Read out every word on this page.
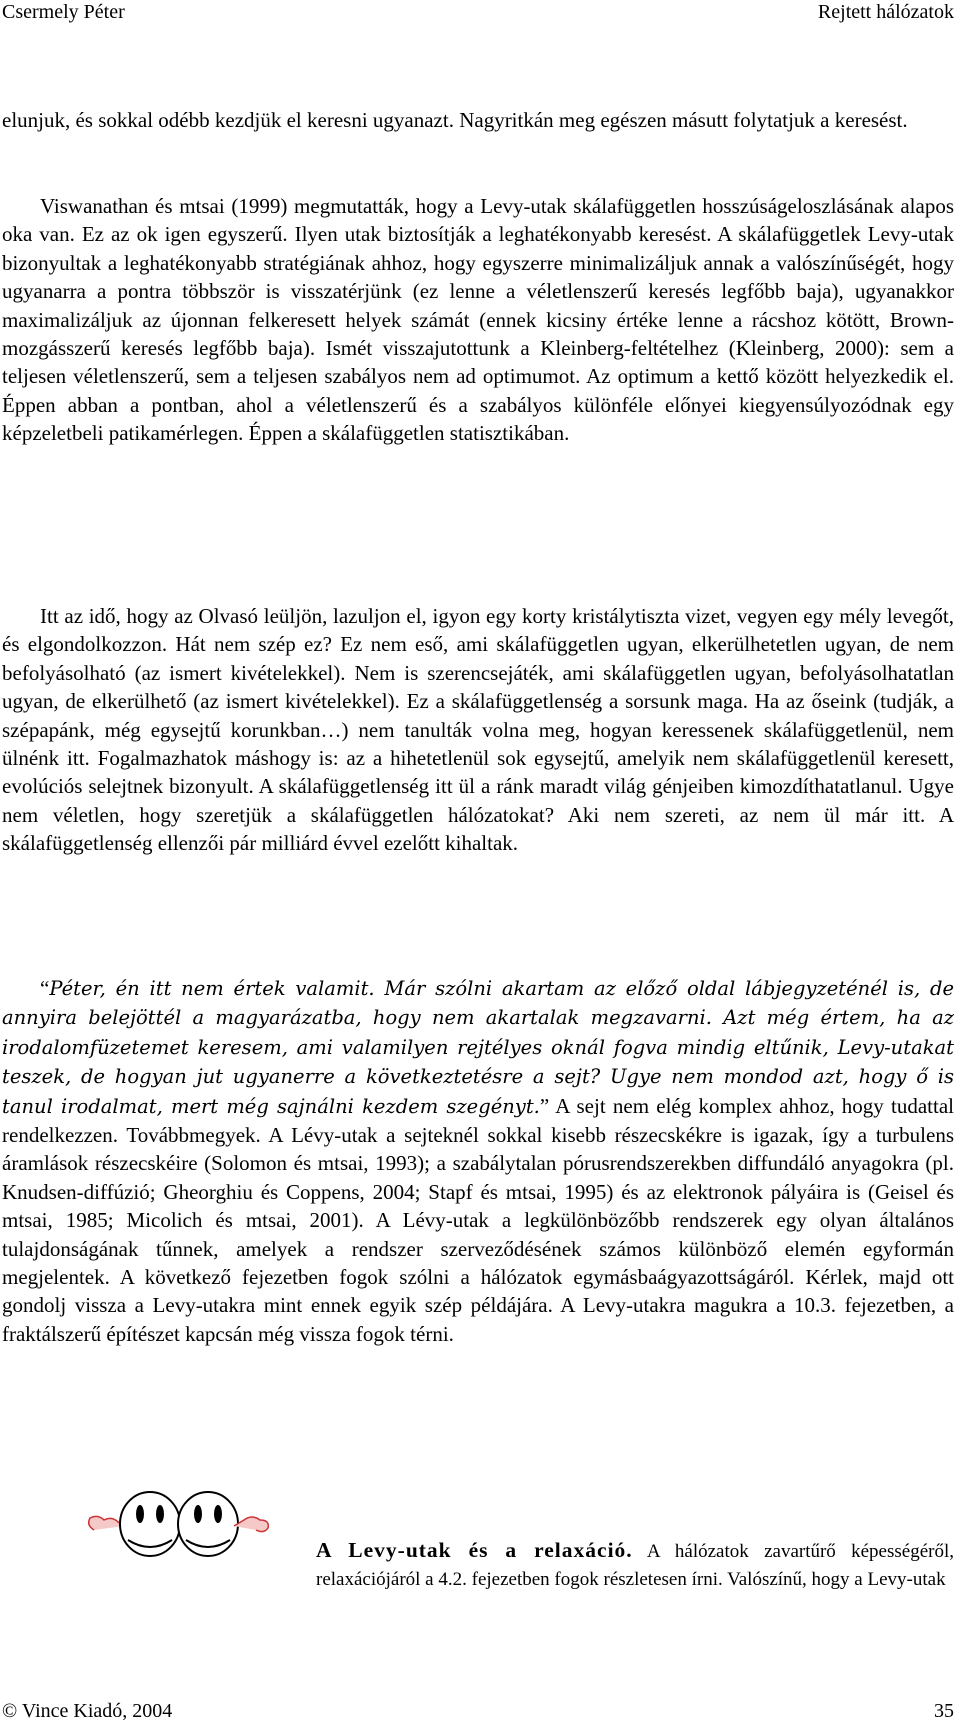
Csermely Péter	Rejtett hálózatok

elunjuk, és sokkal odébb kezdjük el keresni ugyanazt. Nagyritkán meg egészen másutt folytatjuk a keresést.

Viswanathan és mtsai (1999) megmutatták, hogy a Levy-utak skálafüggetlen hosszúságeloszlásának alapos oka van. Ez az ok igen egyszerű. Ilyen utak biztosítják a leghatékonyabb keresést. A skálafüggetlek Levy-utak bizonyultak a leghatékonyabb stratégiának ahhoz, hogy egyszerre minimalizáljuk annak a valószínűségét, hogy ugyanarra a pontra többször is visszatérjünk (ez lenne a véletlenszerű keresés legfőbb baja), ugyanakkor maximalizáljuk az újonnan felkeresett helyek számát (ennek kicsiny értéke lenne a rácshoz kötött, Brown-mozgásszerű keresés legfőbb baja). Ismét visszajutottunk a Kleinberg-feltételhez (Kleinberg, 2000): sem a teljesen véletlenszerű, sem a teljesen szabályos nem ad optimumot. Az optimum a kettő között helyezkedik el. Éppen abban a pontban, ahol a véletlenszerű és a szabályos különféle előnyei kiegyensúlyozódnak egy képzeletbeli patikamérlegen. Éppen a skálafüggetlen statisztikában.

Itt az idő, hogy az Olvasó leüljön, lazuljon el, igyon egy korty kristálytiszta vizet, vegyen egy mély levegőt, és elgondolkozzon. Hát nem szép ez? Ez nem eső, ami skálafüggetlen ugyan, elkerülhetetlen ugyan, de nem befolyásolható (az ismert kivételekkel). Nem is szerencsejáték, ami skálafüggetlen ugyan, befolyásolhatatlan ugyan, de elkerülhető (az ismert kivételekkel). Ez a skálafüggetlenség a sorsunk maga. Ha az őseink (tudják, a szépapánk, még egysejtű korunkban…) nem tanulták volna meg, hogyan keressenek skálafüggetlenül, nem ülnénk itt. Fogalmazhatok máshogy is: az a hihetetlenül sok egysejtű, amelyik nem skálafüggetlenül keresett, evolúciós selejtnek bizonyult. A skálafüggetlenség itt ül a ránk maradt világ génjeiben kimozdíthatatlanul. Ugye nem véletlen, hogy szeretjük a skálafüggetlen hálózatokat? Aki nem szereti, az nem ül már itt. A skálafüggetlenség ellenzői pár milliárd évvel ezelőtt kihaltak.

“Péter, én itt nem értek valamit. Már szólni akartam az előző oldal lábjegyzeténél is, de annyira belejöttél a magyarázatba, hogy nem akartalak megzavarni. Azt még értem, ha az irodalomfüzetemet keresem, ami valamilyen rejtélyes oknál fogva mindig eltűnik, Levy-utakat teszek, de hogyan jut ugyanerre a következtetésre a sejt? Ugye nem mondod azt, hogy ő is tanul irodalmat, mert még sajnálni kezdem szegényt.” A sejt nem elég komplex ahhoz, hogy tudattal rendelkezzen. Továbbmegyek. A Lévy-utak a sejteknél sokkal kisebb részecskékre is igazak, így a turbulens áramlások részecskéire (Solomon és mtsai, 1993); a szabálytalan pórusrendszerekben diffundáló anyagokra (pl. Knudsen-diffúzió; Gheorghiu és Coppens, 2004; Stapf és mtsai, 1995) és az elektronok pályáira is (Geisel és mtsai, 1985; Micolich és mtsai, 2001). A Lévy-utak a legkülönbözőbb rendszerek egy olyan általános tulajdonságának tűnnek, amelyek a rendszer szerveződésének számos különböző elemén egyformán megjelentek. A következő fejezetben fogok szólni a hálózatok egymásbaágyazottságáról. Kérlek, majd ott gondolj vissza a Levy-utakra mint ennek egyik szép példájára. A Levy-utakra magukra a 10.3. fejezetben, a fraktálszerű építészet kapcsán még vissza fogok térni.

A Levy-utak és a relaxáció. A hálózatok zavartűrő képességéről, relaxációjáról a 4.2. fejezetben fogok részletesen írni. Valószínű, hogy a Levy-utak

© Vince Kiadó, 2004	35
